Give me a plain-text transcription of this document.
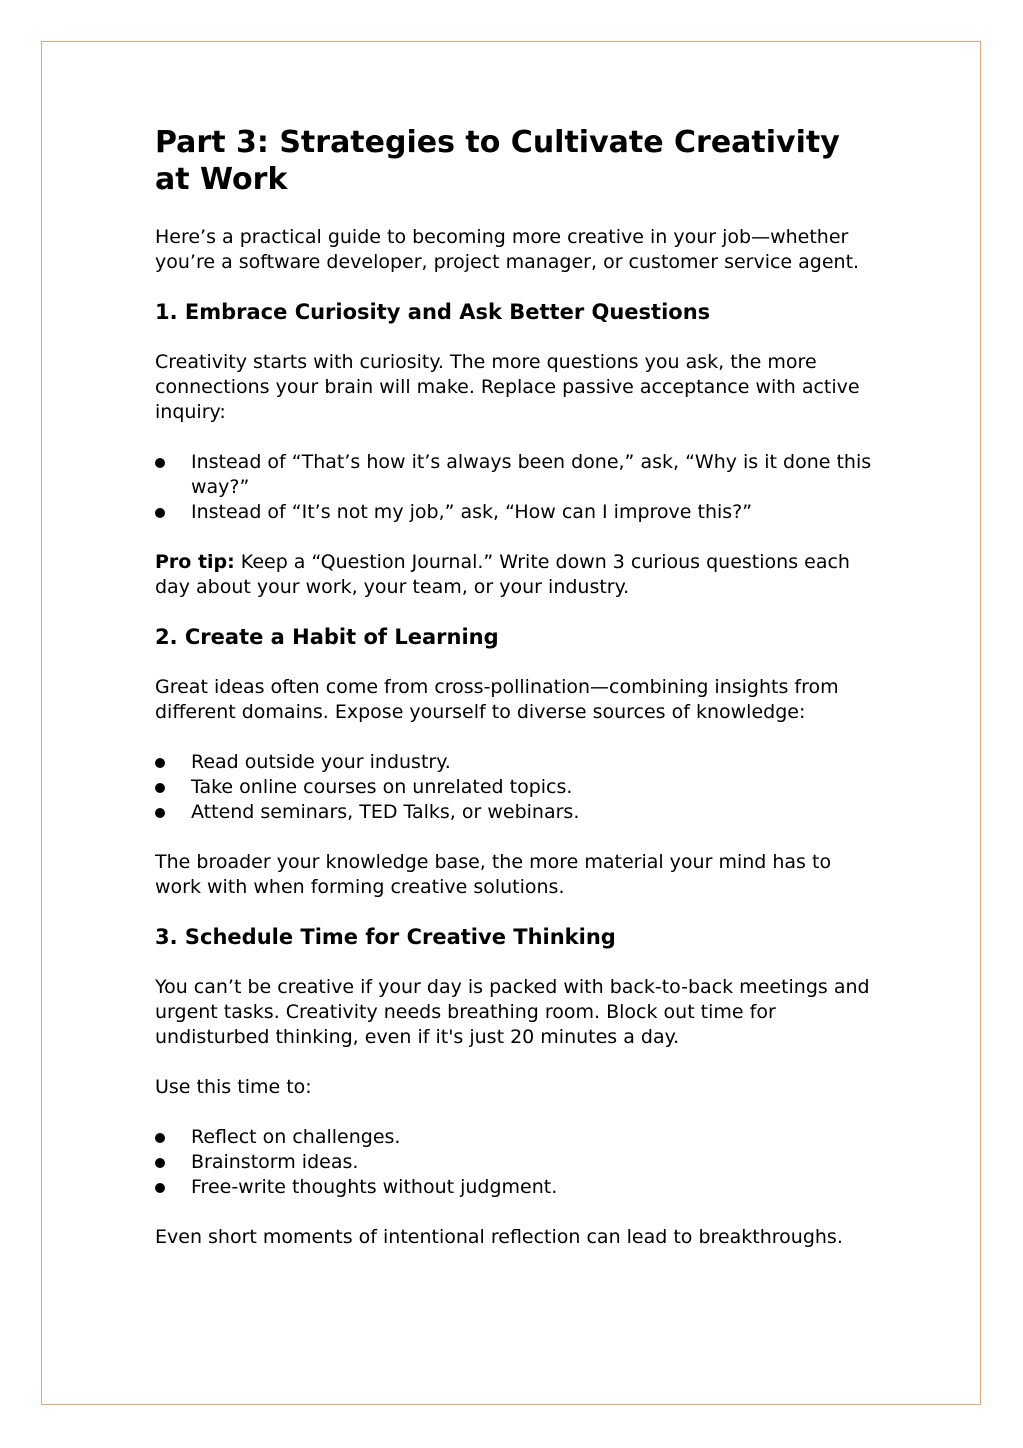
Part 3: Strategies to Cultivate Creativity at Work

Here’s a practical guide to becoming more creative in your job—whether you’re a software developer, project manager, or customer service agent.

1. Embrace Curiosity and Ask Better Questions

Creativity starts with curiosity. The more questions you ask, the more connections your brain will make. Replace passive acceptance with active inquiry:

Instead of “That’s how it’s always been done,” ask, “Why is it done this way?”
Instead of “It’s not my job,” ask, “How can I improve this?”

Pro tip: Keep a “Question Journal.” Write down 3 curious questions each day about your work, your team, or your industry.

2. Create a Habit of Learning

Great ideas often come from cross-pollination—combining insights from different domains. Expose yourself to diverse sources of knowledge:

Read outside your industry.
Take online courses on unrelated topics.
Attend seminars, TED Talks, or webinars.

The broader your knowledge base, the more material your mind has to work with when forming creative solutions.

3. Schedule Time for Creative Thinking

You can’t be creative if your day is packed with back-to-back meetings and urgent tasks. Creativity needs breathing room. Block out time for undisturbed thinking, even if it's just 20 minutes a day.

Use this time to:

Reflect on challenges.
Brainstorm ideas.
Free-write thoughts without judgment.

Even short moments of intentional reflection can lead to breakthroughs.
